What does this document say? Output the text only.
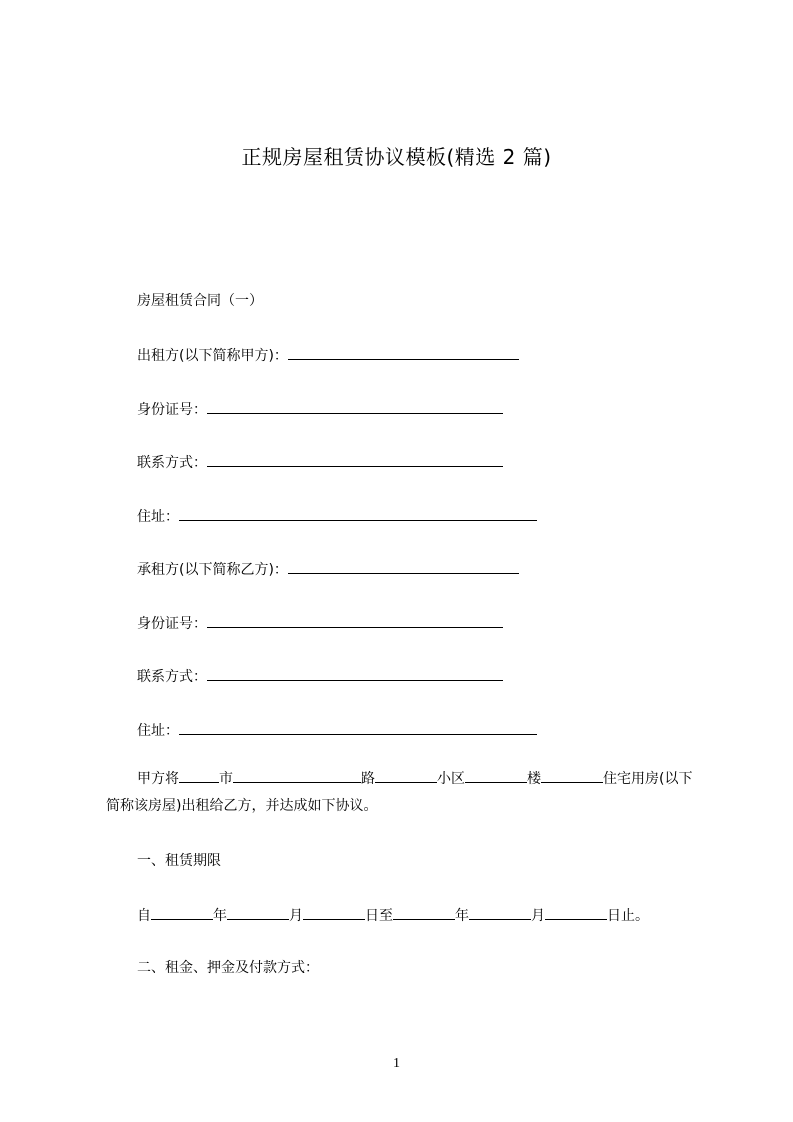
正规房屋租赁协议模板(精选 2 篇)
房屋租赁合同（一）
出租方(以下简称甲方)：
身份证号：
联系方式：
住址：
承租方(以下简称乙方)：
身份证号：
联系方式：
住址：

甲方将	市	路	小区	楼	住宅用房(以下简称该房屋)出租给乙方，并达成如下协议。

一、租赁期限
自	年	月	日至	年	月	日止。
二、租金、押金及付款方式：
1
